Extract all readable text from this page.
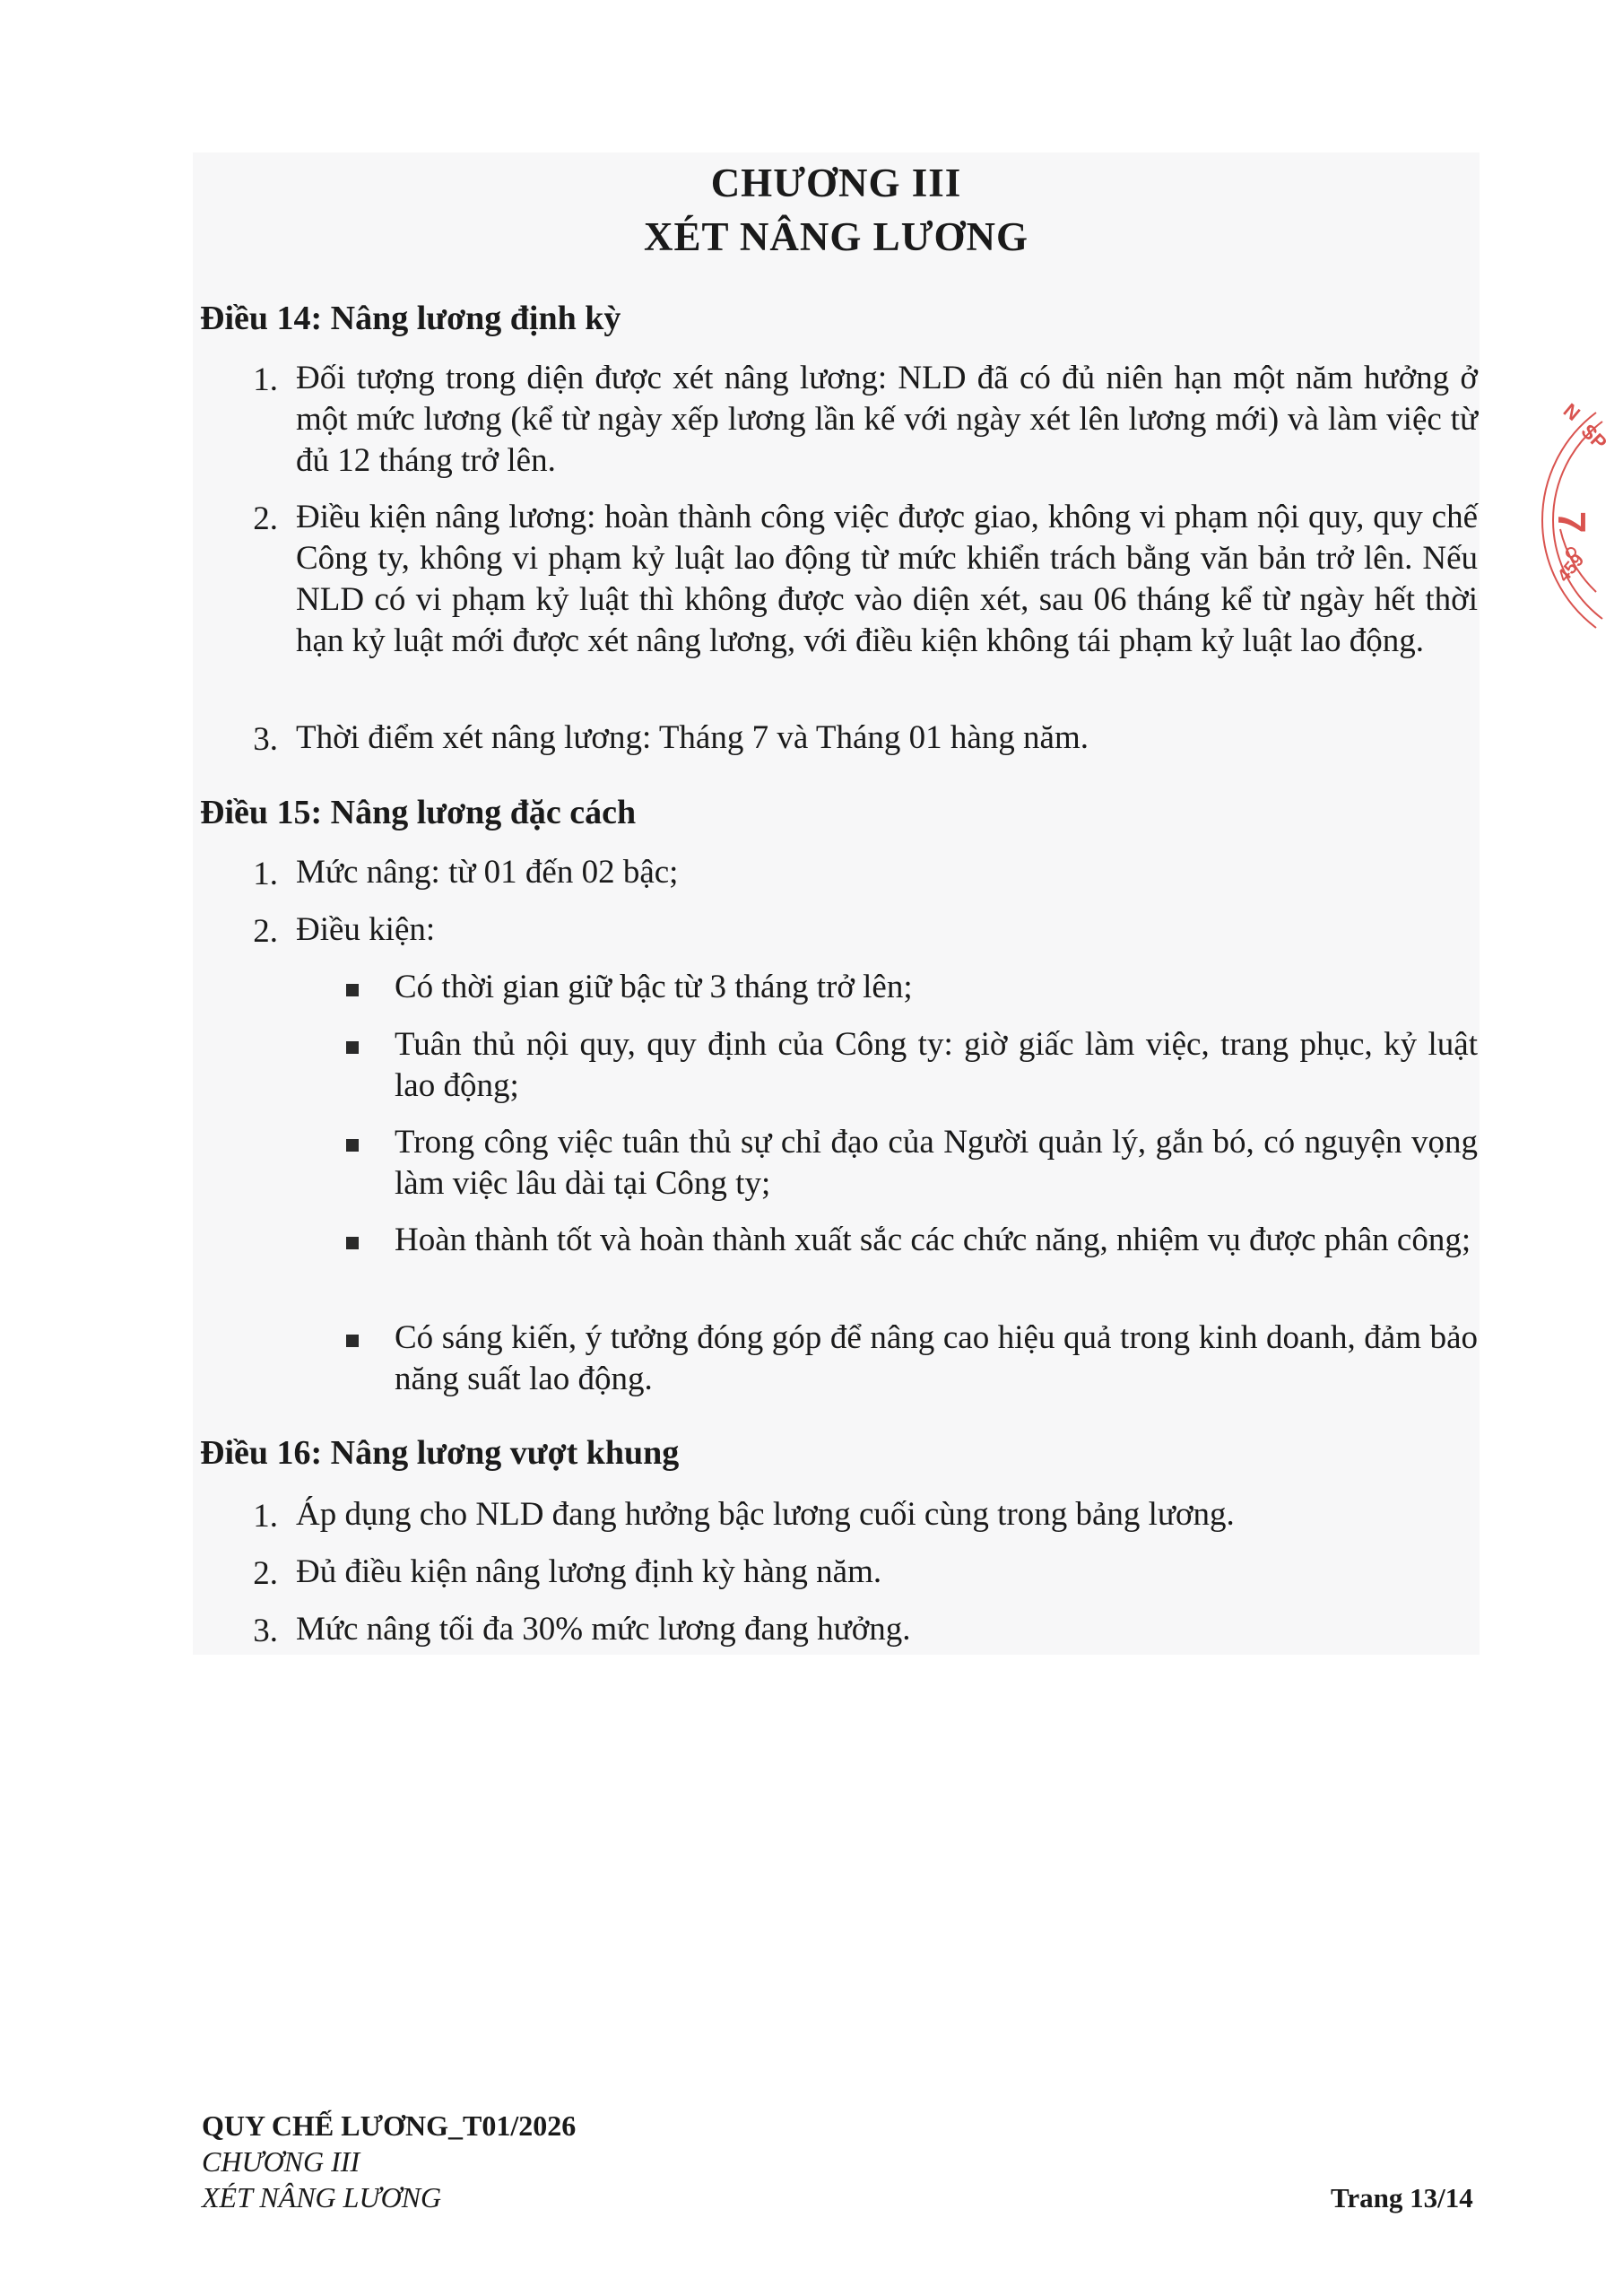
CHƯƠNG III
XÉT NÂNG LƯƠNG
Điều 14: Nâng lương định kỳ
1. Đối tượng trong diện được xét nâng lương: NLD đã có đủ niên hạn một năm hưởng ở một mức lương (kể từ ngày xếp lương lần kế với ngày xét lên lương mới) và làm việc từ đủ 12 tháng trở lên.
2. Điều kiện nâng lương: hoàn thành công việc được giao, không vi phạm nội quy, quy chế Công ty, không vi phạm kỷ luật lao động từ mức khiển trách bằng văn bản trở lên. Nếu NLD có vi phạm kỷ luật thì không được vào diện xét, sau 06 tháng kể từ ngày hết thời hạn kỷ luật mới được xét nâng lương, với điều kiện không tái phạm kỷ luật lao động.
3. Thời điểm xét nâng lương: Tháng 7 và Tháng 01 hàng năm.
Điều 15: Nâng lương đặc cách
1. Mức nâng: từ 01 đến 02 bậc;
2. Điều kiện:
Có thời gian giữ bậc từ 3 tháng trở lên;
Tuân thủ nội quy, quy định của Công ty: giờ giấc làm việc, trang phục, kỷ luật lao động;
Trong công việc tuân thủ sự chỉ đạo của Người quản lý, gắn bó, có nguyện vọng làm việc lâu dài tại Công ty;
Hoàn thành tốt và hoàn thành xuất sắc các chức năng, nhiệm vụ được phân công;
Có sáng kiến, ý tưởng đóng góp để nâng cao hiệu quả trong kinh doanh, đảm bảo năng suất lao động.
Điều 16: Nâng lương vượt khung
1. Áp dụng cho NLD đang hưởng bậc lương cuối cùng trong bảng lương.
2. Đủ điều kiện nâng lương định kỳ hàng năm.
3. Mức nâng tối đa 30% mức lương đang hưởng.
QUY CHẾ LƯƠNG_T01/2026
CHƯƠNG III
XÉT NÂNG LƯƠNG	Trang 13/14
N
SP
7
459
